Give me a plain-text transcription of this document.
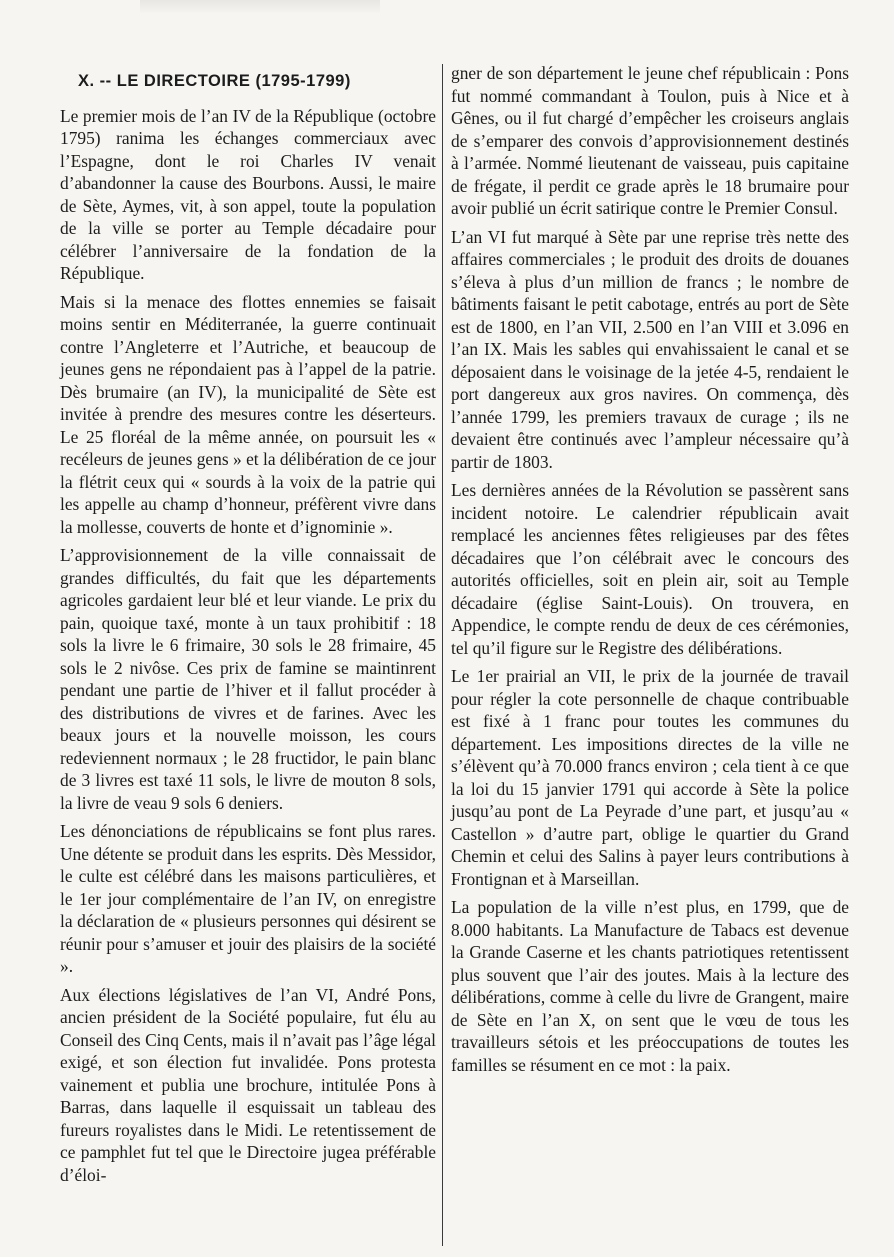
X. -- LE DIRECTOIRE (1795-1799)

Le premier mois de l’an IV de la République (octobre 1795) ranima les échanges commerciaux avec l’Espagne, dont le roi Charles IV venait d’abandonner la cause des Bourbons. Aussi, le maire de Sète, Aymes, vit, à son appel, toute la population de la ville se porter au Temple décadaire pour célébrer l’anniversaire de la fondation de la République.

Mais si la menace des flottes ennemies se faisait moins sentir en Méditerranée, la guerre continuait contre l’Angleterre et l’Autriche, et beaucoup de jeunes gens ne répondaient pas à l’appel de la patrie. Dès brumaire (an IV), la municipalité de Sète est invitée à prendre des mesures contre les déserteurs. Le 25 floréal de la même année, on poursuit les « recéleurs de jeunes gens » et la délibération de ce jour la flétrit ceux qui « sourds à la voix de la patrie qui les appelle au champ d’honneur, préfèrent vivre dans la mollesse, couverts de honte et d’ignominie ».

L’approvisionnement de la ville connaissait de grandes difficultés, du fait que les départements agricoles gardaient leur blé et leur viande. Le prix du pain, quoique taxé, monte à un taux prohibitif : 18 sols la livre le 6 frimaire, 30 sols le 28 frimaire, 45 sols le 2 nivôse. Ces prix de famine se maintinrent pendant une partie de l’hiver et il fallut procéder à des distributions de vivres et de farines. Avec les beaux jours et la nouvelle moisson, les cours redeviennent normaux ; le 28 fructidor, le pain blanc de 3 livres est taxé 11 sols, le livre de mouton 8 sols, la livre de veau 9 sols 6 deniers.

Les dénonciations de républicains se font plus rares. Une détente se produit dans les esprits. Dès Messidor, le culte est célébré dans les maisons particulières, et le 1er jour complémentaire de l’an IV, on enregistre la déclaration de « plusieurs personnes qui désirent se réunir pour s’amuser et jouir des plaisirs de la société ».

Aux élections législatives de l’an VI, André Pons, ancien président de la Société populaire, fut élu au Conseil des Cinq Cents, mais il n’avait pas l’âge légal exigé, et son élection fut invalidée. Pons protesta vainement et publia une brochure, intitulée Pons à Barras, dans laquelle il esquissait un tableau des fureurs royalistes dans le Midi. Le retentissement de ce pamphlet fut tel que le Directoire jugea préférable d’éloi-

gner de son département le jeune chef républicain : Pons fut nommé commandant à Toulon, puis à Nice et à Gênes, ou il fut chargé d’empêcher les croiseurs anglais de s’emparer des convois d’approvisionnement destinés à l’armée. Nommé lieutenant de vaisseau, puis capitaine de frégate, il perdit ce grade après le 18 brumaire pour avoir publié un écrit satirique contre le Premier Consul.

L’an VI fut marqué à Sète par une reprise très nette des affaires commerciales ; le produit des droits de douanes s’éleva à plus d’un million de francs ; le nombre de bâtiments faisant le petit cabotage, entrés au port de Sète est de 1800, en l’an VII, 2.500 en l’an VIII et 3.096 en l’an IX. Mais les sables qui envahissaient le canal et se déposaient dans le voisinage de la jetée 4-5, rendaient le port dangereux aux gros navires. On commença, dès l’année 1799, les premiers travaux de curage ; ils ne devaient être continués avec l’ampleur nécessaire qu’à partir de 1803.

Les dernières années de la Révolution se passèrent sans incident notoire. Le calendrier républicain avait remplacé les anciennes fêtes religieuses par des fêtes décadaires que l’on célébrait avec le concours des autorités officielles, soit en plein air, soit au Temple décadaire (église Saint-Louis). On trouvera, en Appendice, le compte rendu de deux de ces cérémonies, tel qu’il figure sur le Registre des délibérations.

Le 1er prairial an VII, le prix de la journée de travail pour régler la cote personnelle de chaque contribuable est fixé à 1 franc pour toutes les communes du département. Les impositions directes de la ville ne s’élèvent qu’à 70.000 francs environ ; cela tient à ce que la loi du 15 janvier 1791 qui accorde à Sète la police jusqu’au pont de La Peyrade d’une part, et jusqu’au « Castellon » d’autre part, oblige le quartier du Grand Chemin et celui des Salins à payer leurs contributions à Frontignan et à Marseillan.

La population de la ville n’est plus, en 1799, que de 8.000 habitants. La Manufacture de Tabacs est devenue la Grande Caserne et les chants patriotiques retentissent plus souvent que l’air des joutes. Mais à la lecture des délibérations, comme à celle du livre de Grangent, maire de Sète en l’an X, on sent que le vœu de tous les travailleurs sétois et les préoccupations de toutes les familles se résument en ce mot : la paix.
